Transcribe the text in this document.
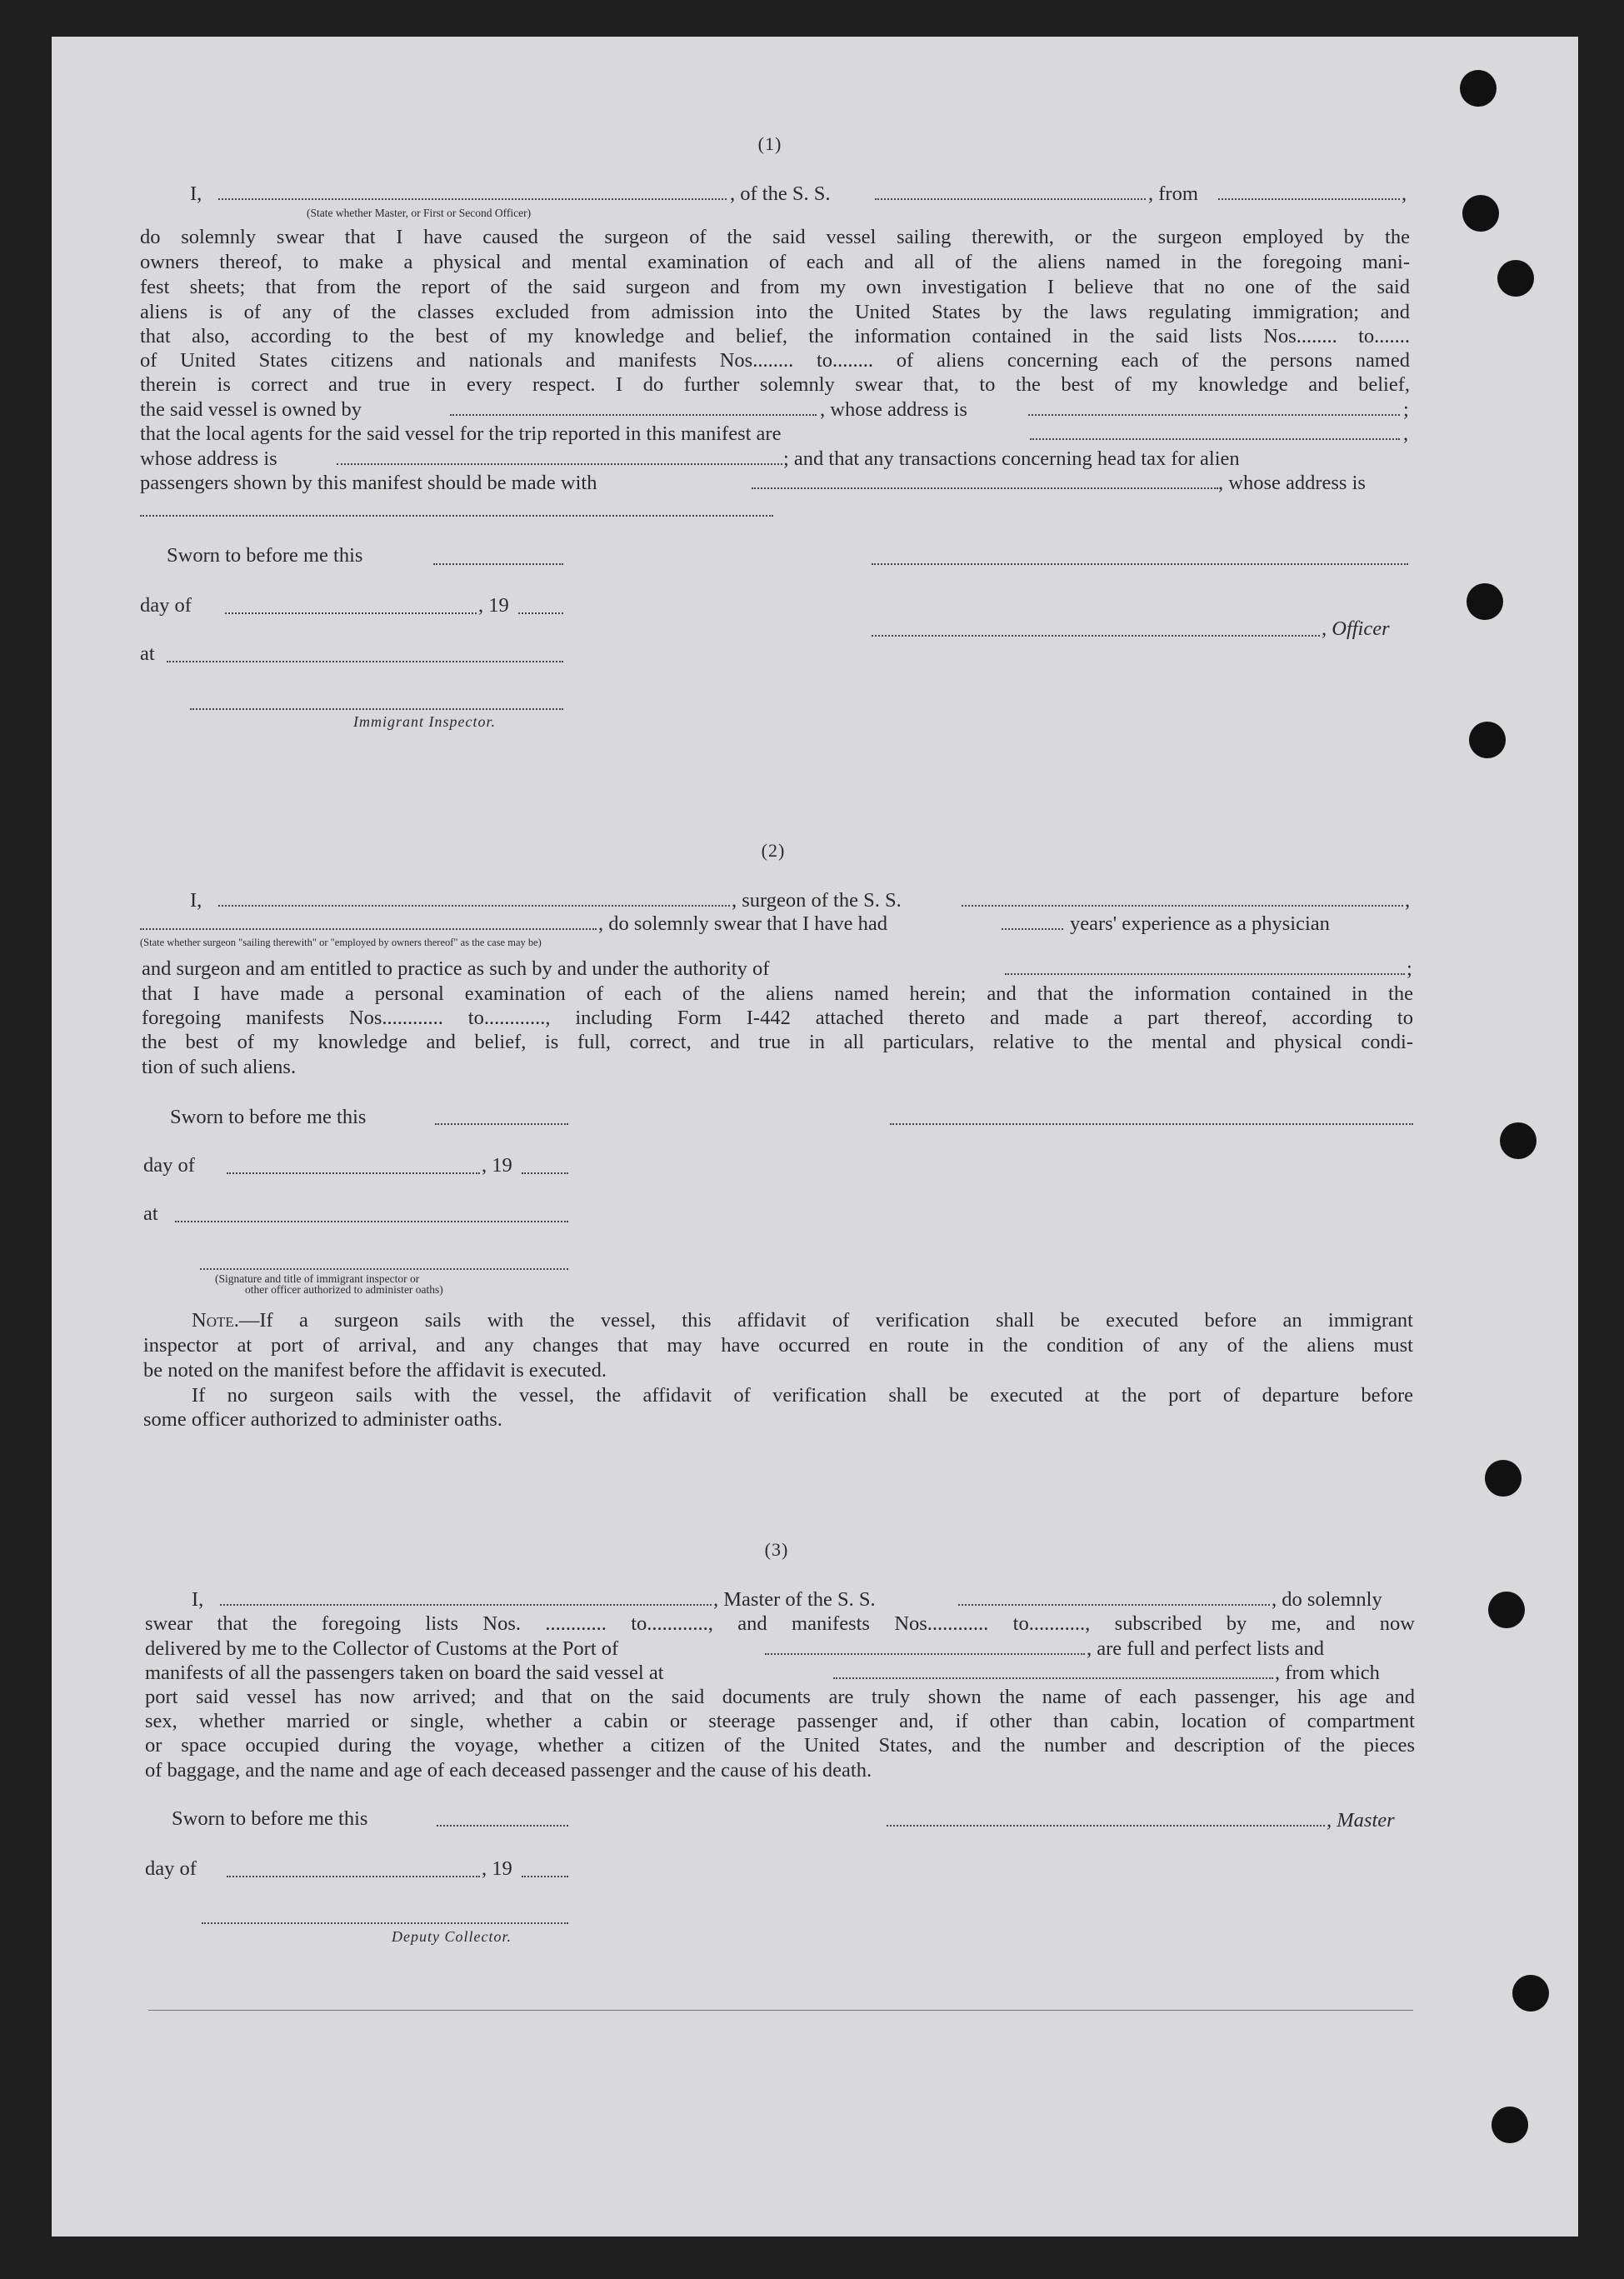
(1)
I,	, of the S. S.	, from	,
(State whether Master, or First or Second Officer)
do solemnly swear that I have caused the surgeon of the said vessel sailing therewith, or the surgeon employed by the
owners thereof, to make a physical and mental examination of each and all of the aliens named in the foregoing mani-
fest sheets; that from the report of the said surgeon and from my own investigation I believe that no one of the said
aliens is of any of the classes excluded from admission into the United States by the laws regulating immigration; and
that also, according to the best of my knowledge and belief, the information contained in the said lists Nos........ to.......
of United States citizens and nationals and manifests Nos........ to........ of aliens concerning each of the persons named
therein is correct and true in every respect. I do further solemnly swear that, to the best of my knowledge and belief,
the said vessel is owned by	, whose address is	;
that the local agents for the said vessel for the trip reported in this manifest are	,
whose address is	; and that any transactions concerning head tax for alien
passengers shown by this manifest should be made with	, whose address is
Sworn to before me this
day of	, 19
, Officer
at
Immigrant Inspector.
(2)
I,	, surgeon of the S. S.	,
, do solemnly swear that I have had	years' experience as a physician
(State whether surgeon "sailing therewith" or "employed by owners thereof" as the case may be)
and surgeon and am entitled to practice as such by and under the authority of	;
that I have made a personal examination of each of the aliens named herein; and that the information contained in the
foregoing manifests Nos............ to............, including Form I-442 attached thereto and made a part thereof, according to
the best of my knowledge and belief, is full, correct, and true in all particulars, relative to the mental and physical condi-
tion of such aliens.
Sworn to before me this
day of	, 19
at
(Signature and title of immigrant inspector or
other officer authorized to administer oaths)
Note.—If a surgeon sails with the vessel, this affidavit of verification shall be executed before an immigrant
inspector at port of arrival, and any changes that may have occurred en route in the condition of any of the aliens must
be noted on the manifest before the affidavit is executed.
If no surgeon sails with the vessel, the affidavit of verification shall be executed at the port of departure before
some officer authorized to administer oaths.
(3)
I,	, Master of the S. S.	, do solemnly
swear that the foregoing lists Nos. ............ to............, and manifests Nos............ to..........., subscribed by me, and now
delivered by me to the Collector of Customs at the Port of	, are full and perfect lists and
manifests of all the passengers taken on board the said vessel at	, from which
port said vessel has now arrived; and that on the said documents are truly shown the name of each passenger, his age and
sex, whether married or single, whether a cabin or steerage passenger and, if other than cabin, location of compartment
or space occupied during the voyage, whether a citizen of the United States, and the number and description of the pieces
of baggage, and the name and age of each deceased passenger and the cause of his death.
Sworn to before me this	, Master
day of	, 19
Deputy Collector.
